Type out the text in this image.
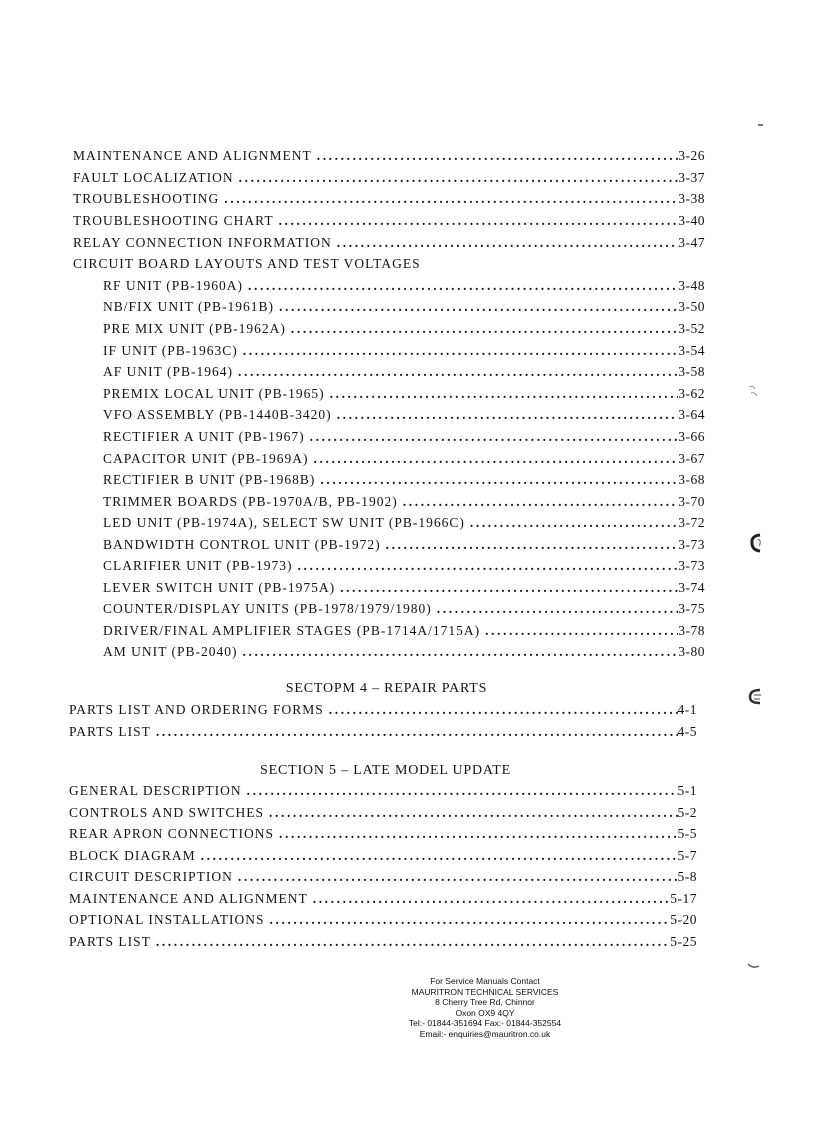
MAINTENANCE AND ALIGNMENT .....	3-26
FAULT LOCALIZATION .....	3-37
TROUBLESHOOTING .....	3-38
TROUBLESHOOTING CHART .....	3-40
RELAY CONNECTION INFORMATION .....	3-47
CIRCUIT BOARD LAYOUTS AND TEST VOLTAGES
RF UNIT (PB-1960A) .....	3-48
NB/FIX UNIT (PB-1961B) .....	3-50
PRE MIX UNIT (PB-1962A) .....	3-52
IF UNIT (PB-1963C) .....	3-54
AF UNIT (PB-1964) .....	3-58
PREMIX LOCAL UNIT (PB-1965) .....	3-62
VFO ASSEMBLY (PB-1440B-3420) .....	3-64
RECTIFIER A UNIT (PB-1967) .....	3-66
CAPACITOR UNIT (PB-1969A) .....	3-67
RECTIFIER B UNIT (PB-1968B) .....	3-68
TRIMMER BOARDS (PB-1970A/B, PB-1902) .....	3-70
LED UNIT (PB-1974A), SELECT SW UNIT (PB-1966C) .....	3-72
BANDWIDTH CONTROL UNIT (PB-1972) .....	3-73
CLARIFIER UNIT (PB-1973) .....	3-73
LEVER SWITCH UNIT (PB-1975A) .....	3-74
COUNTER/DISPLAY UNITS (PB-1978/1979/1980) .....	3-75
DRIVER/FINAL AMPLIFIER STAGES (PB-1714A/1715A) .....	3-78
AM UNIT (PB-2040) .....	3-80
SECTOPM 4 – REPAIR PARTS
PARTS LIST AND ORDERING FORMS .....	4-1
PARTS LIST .....	4-5
SECTION 5 – LATE MODEL UPDATE
GENERAL DESCRIPTION .....	5-1
CONTROLS AND SWITCHES .....	5-2
REAR APRON CONNECTIONS .....	5-5
BLOCK DIAGRAM .....	5-7
CIRCUIT DESCRIPTION .....	5-8
MAINTENANCE AND ALIGNMENT .....	5-17
OPTIONAL INSTALLATIONS .....	5-20
PARTS LIST .....	5-25
For Service Manuals Contact
MAURITRON TECHNICAL SERVICES
8 Cherry Tree Rd, Chinnor
Oxon OX9 4QY
Tel:- 01844-351694 Fax:- 01844-352554
Email:- enquiries@mauritron.co.uk
